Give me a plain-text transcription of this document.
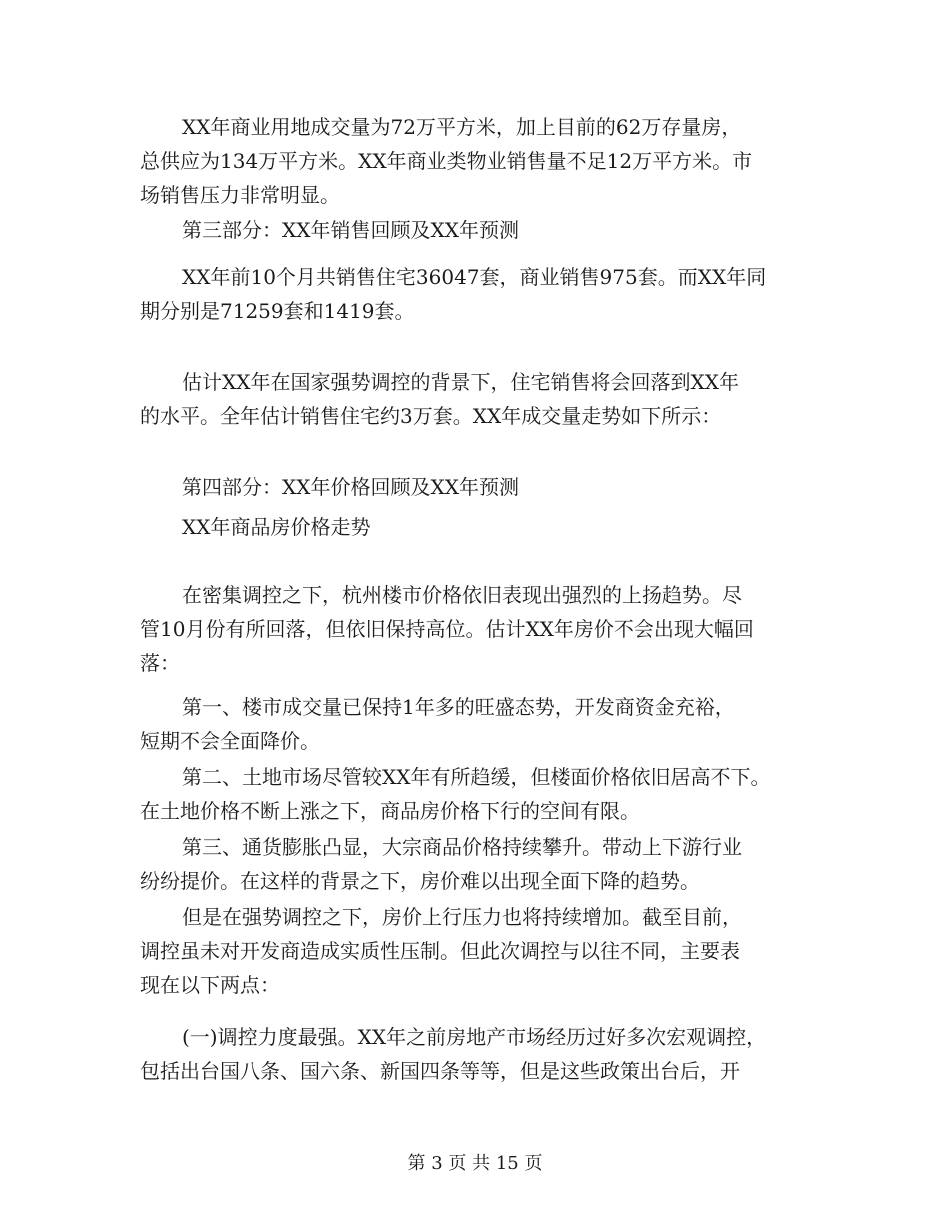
XX年商业用地成交量为72万平方米，加上目前的62万存量房，
总供应为134万平方米。XX年商业类物业销售量不足12万平方米。市
场销售压力非常明显。
第三部分：XX年销售回顾及XX年预测
XX年前10个月共销售住宅36047套，商业销售975套。而XX年同
期分别是71259套和1419套。
估计XX年在国家强势调控的背景下，住宅销售将会回落到XX年
的水平。全年估计销售住宅约3万套。XX年成交量走势如下所示：
第四部分：XX年价格回顾及XX年预测
XX年商品房价格走势
在密集调控之下，杭州楼市价格依旧表现出强烈的上扬趋势。尽
管10月份有所回落，但依旧保持高位。估计XX年房价不会出现大幅回
落：
第一、楼市成交量已保持1年多的旺盛态势，开发商资金充裕，
短期不会全面降价。
第二、土地市场尽管较XX年有所趋缓，但楼面价格依旧居高不下。
在土地价格不断上涨之下，商品房价格下行的空间有限。
第三、通货膨胀凸显，大宗商品价格持续攀升。带动上下游行业
纷纷提价。在这样的背景之下，房价难以出现全面下降的趋势。
但是在强势调控之下，房价上行压力也将持续增加。截至目前，
调控虽未对开发商造成实质性压制。但此次调控与以往不同，主要表
现在以下两点：
(一)调控力度最强。XX年之前房地产市场经历过好多次宏观调控，
包括出台国八条、国六条、新国四条等等，但是这些政策出台后，开
第 3 页 共 15 页
